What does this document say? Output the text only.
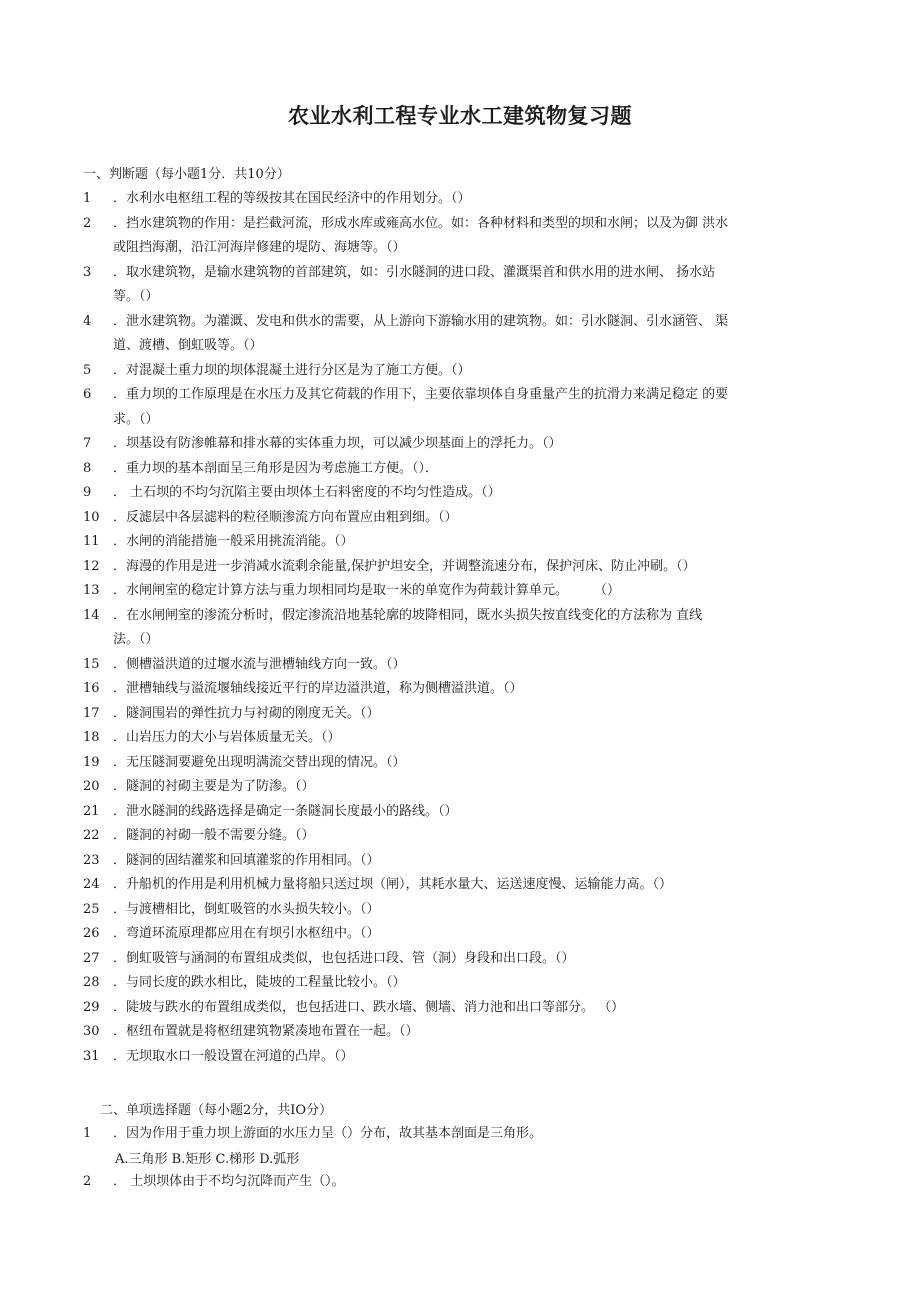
农业水利工程专业水工建筑物复习题
一、判断题（每小题1分．共10分）
1	．水利水电枢纽工程的等级按其在国民经济中的作用划分。（）
2	．挡水建筑物的作用：是拦截河流，形成水库或雍高水位。如：各种材料和类型的坝和水闸；以及为御 洪水
或阻挡海潮，沿江河海岸修建的堤防、海塘等。（）
3	．取水建筑物，是输水建筑物的首部建筑，如：引水隧洞的进口段、灌溉渠首和供水用的进水闸、 扬水站
等。（）
4	．泄水建筑物。为灌溉、发电和供水的需要，从上游向下游输水用的建筑物。如：引水隧洞、引水涵管、 渠
道、渡槽、倒虹吸等。（）
5	．对混凝土重力坝的坝体混凝土进行分区是为了施工方便。（）
6	．重力坝的工作原理是在水压力及其它荷载的作用下，主要依靠坝体自身重量产生的抗滑力来满足稳定 的要
求。（）
7	．坝基设有防渗帷幕和排水幕的实体重力坝，可以减少坝基面上的浮托力。（）
8	．重力坝的基本剖面呈三角形是因为考虑施工方便。（）．
9	． 土石坝的不均匀沉陷主要由坝体土石料密度的不均匀性造成。（）
10	．反滤层中各层滤料的粒径顺渗流方向布置应由粗到细。（）
11	．水闸的消能措施一般采用挑流消能。（）
12	．海漫的作用是进一步消减水流剩余能量,保护护坦安全，并调整流速分布，保护河床、防止冲刷。（）
13	．水闸闸室的稳定计算方法与重力坝相同均是取一米的单宽作为荷载计算单元。　　　（）
14	．在水闸闸室的渗流分析时，假定渗流沿地基轮廓的坡降相同，既水头损失按直线变化的方法称为 直线
法。（）
15	．侧槽溢洪道的过堰水流与泄槽轴线方向一致。（）
16	．泄槽轴线与溢流堰轴线接近平行的岸边溢洪道，称为侧槽溢洪道。（）
17	．隧洞围岩的弹性抗力与衬砌的刚度无关。（）
18	．山岩压力的大小与岩体质量无关。（）
19	．无压隧洞要避免出现明满流交替出现的情况。（）
20	．隧洞的衬砌主要是为了防渗。（）
21	．泄水隧洞的线路选择是确定一条隧洞长度最小的路线。（）
22	．隧洞的衬砌一般不需要分缝。（）
23	．隧洞的固结灌浆和回填灌浆的作用相同。（）
24	．升船机的作用是利用机械力量将船只送过坝（闸），其耗水量大、运送速度慢、运输能力高。（）
25	．与渡槽相比，倒虹吸管的水头损失较小。（）
26	．弯道环流原理都应用在有坝引水枢纽中。（）
27	．倒虹吸管与涵洞的布置组成类似，也包括进口段、管（洞）身段和出口段。（）
28	．与同长度的跌水相比，陡坡的工程量比较小。（）
29	．陡坡与跌水的布置组成类似，也包括进口、跌水墙、侧墙、消力池和出口等部分。 （）
30	．枢纽布置就是将枢纽建筑物紧凑地布置在一起。（）
31	．无坝取水口一般设置在河道的凸岸。（）
二、单项选择题（每小题2分，共IO分）
1	．因为作用于重力坝上游面的水压力呈（）分布，故其基本剖面是三角形。
A.三角形 B.矩形 C.梯形 D.弧形
2	． 土坝坝体由于不均匀沉降而产生（）。
